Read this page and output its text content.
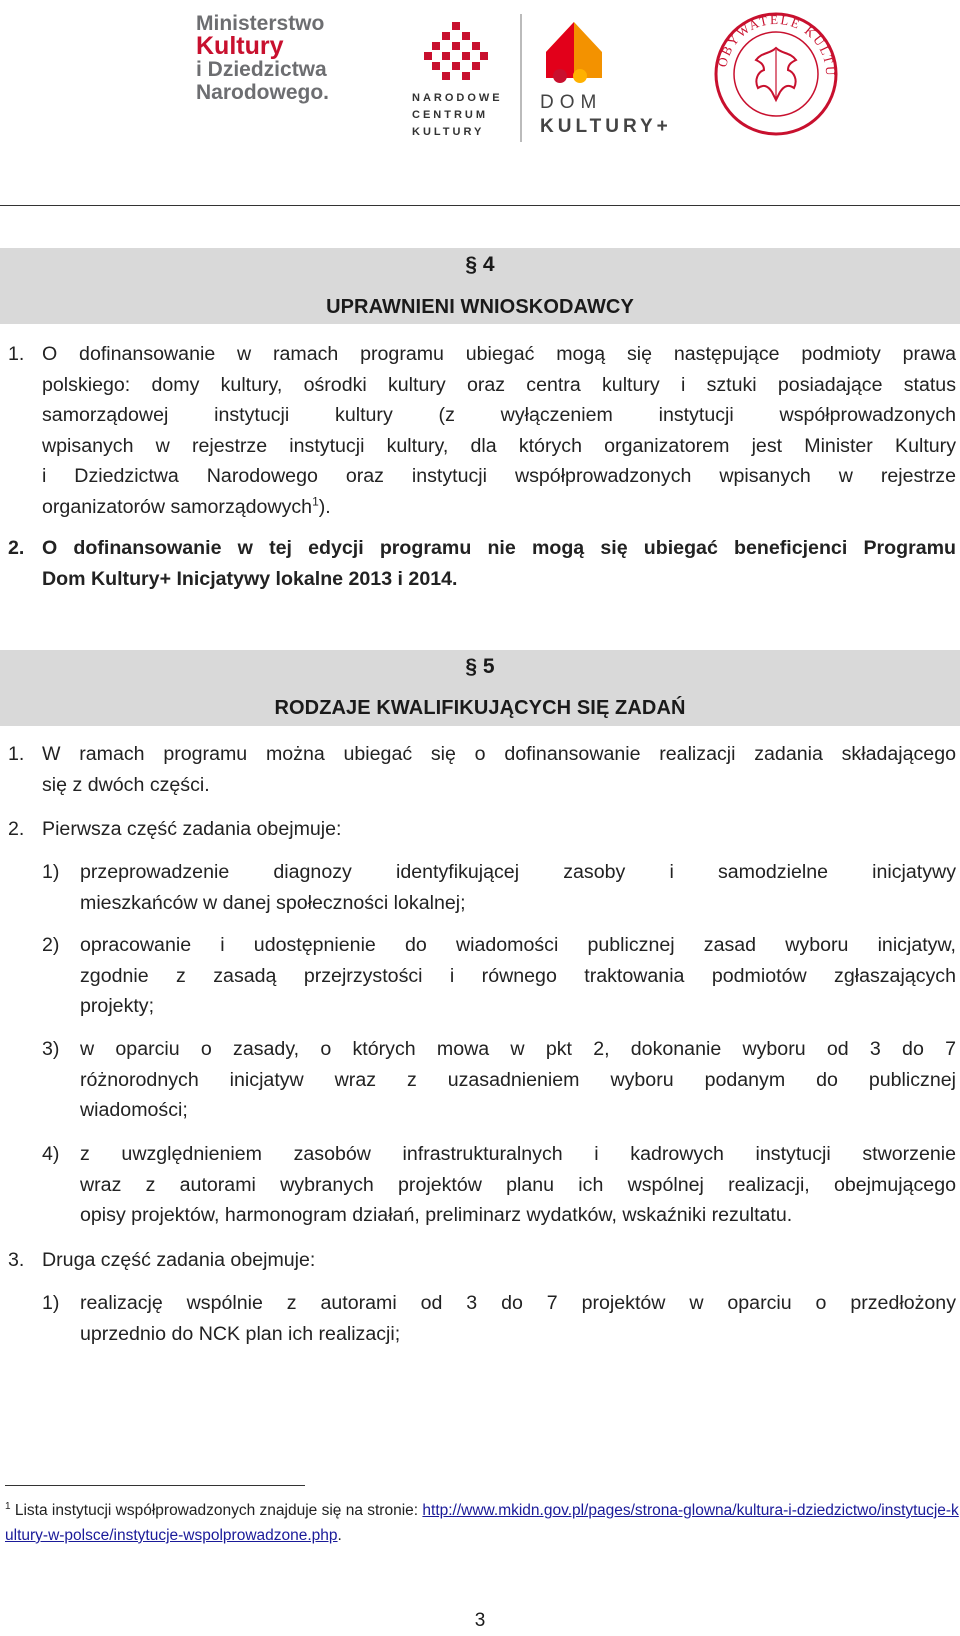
Ministerstwo
Kultury
i Dziedzictwa
Narodowego.	NARODOWE
CENTRUM
KULTURY
DOM
KULTURY+
OBYWATELE KULTU
§ 4
UPRAWNIENI WNIOSKODAWCY
1. O dofinansowanie w ramach programu ubiegać mogą się następujące podmioty prawa
polskiego: domy kultury, ośrodki kultury oraz centra kultury i sztuki posiadające status
samorządowej instytucji kultury (z wyłączeniem instytucji współprowadzonych
wpisanych w rejestrze instytucji kultury, dla których organizatorem jest Minister Kultury
i Dziedzictwa Narodowego oraz instytucji współprowadzonych wpisanych w rejestrze
organizatorów samorządowych$^1$).
2. O dofinansowanie w tej edycji programu nie mogą się ubiegać beneficjenci Programu
Dom Kultury+ Inicjatywy lokalne 2013 i 2014.
§ 5
RODZAJE KWALIFIKUJĄCYCH SIĘ ZADAŃ
1. W ramach programu można ubiegać się o dofinansowanie realizacji zadania składającego
się z dwóch części.
2. Pierwsza część zadania obejmuje:
1) przeprowadzenie diagnozy identyfikującej zasoby i samodzielne inicjatywy
mieszkańców w danej społeczności lokalnej;
2) opracowanie i udostępnienie do wiadomości publicznej zasad wyboru inicjatyw,
zgodnie z zasadą przejrzystości i równego traktowania podmiotów zgłaszających
projekty;
3) w oparciu o zasady, o których mowa w pkt 2, dokonanie wyboru od 3 do 7
różnorodnych inicjatyw wraz z uzasadnieniem wyboru podanym do publicznej
wiadomości;
4) z uwzględnieniem zasobów infrastrukturalnych i kadrowych instytucji stworzenie
wraz z autorami wybranych projektów planu ich wspólnej realizacji, obejmującego
opisy projektów, harmonogram działań, preliminarz wydatków, wskaźniki rezultatu.
3. Druga część zadania obejmuje:
1) realizację wspólnie z autorami od 3 do 7 projektów w oparciu o przedłożony
uprzednio do NCK plan ich realizacji;
$^1$ Lista instytucji współprowadzonych znajduje się na stronie: http://www.mkidn.gov.pl/pages/strona-glowna/kultura-i-dziedzictwo/instytucje-kultury-w-polsce/instytucje-wspolprowadzone.php.
3
